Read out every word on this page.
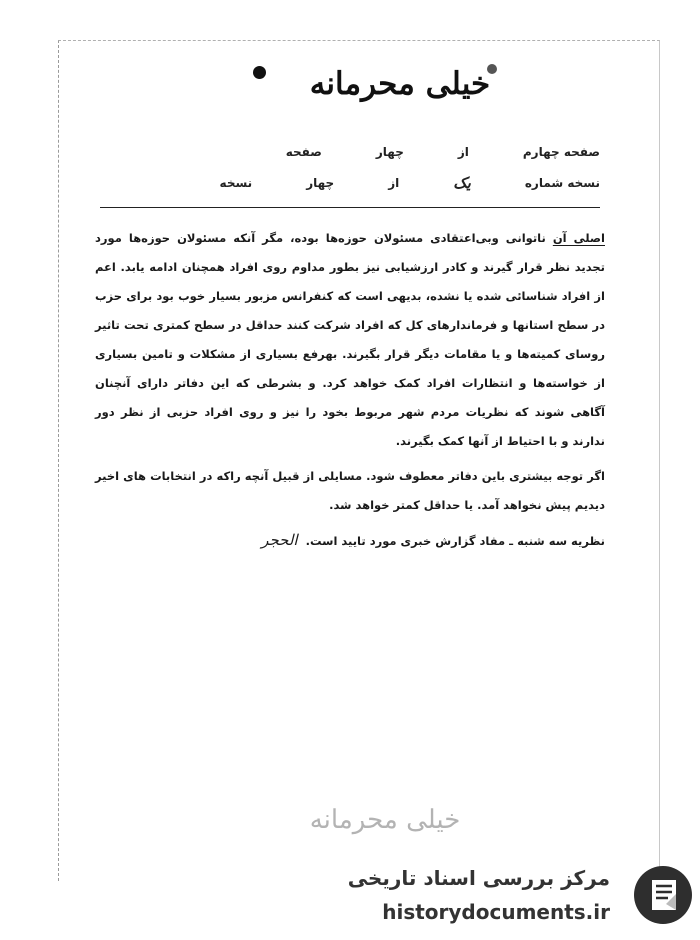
خیلی محرمانه
صفحه چهارم
از
چهار
صفحه
نسخه شماره
یک
از
چهار
نسخه

اصلی آن ناتوانی وبی‌اعتقادی مسئولان حوزه‌ها بوده، مگر آنکه مسئولان حوزه‌ها مورد تجدید نظر قرار گیرند و کادر ارزشیابی نیز بطور مداوم روی افراد همچنان ادامه یابد. اعم از افراد شناسائی شده یا نشده، بدیهی است که کنفرانس مزبور بسیار خوب بود برای حزب در سطح استانها و فرماندارهای کل که افراد شرکت کنند حداقل در سطح کمتری تحت تاثیر روسای کمیته‌ها و یا مقامات دیگر قرار بگیرند. بهرفع بسیاری از مشکلات و تامین بسیاری از خواسته‌ها و انتظارات افراد کمک خواهد کرد. و بشرطی که این دفاتر دارای آنچنان آگاهی شوند که نظریات مردم شهر مربوط بخود را نیز و روی افراد حزبی از نظر دور ندارند و با احتیاط از آنها کمک بگیرند.

اگر توجه بیشتری باین دفاتر معطوف شود. مسایلی از قبیل آنچه راکه در انتخابات های اخیر دیدیم پیش نخواهد آمد. یا حداقل کمتر خواهد شد.

نظریه سه شنبه ـ مفاد گزارش خبری مورد تایید است.الحجر

خیلی محرمانه
مرکز بررسی اسناد تاریخی
historydocuments.ir
